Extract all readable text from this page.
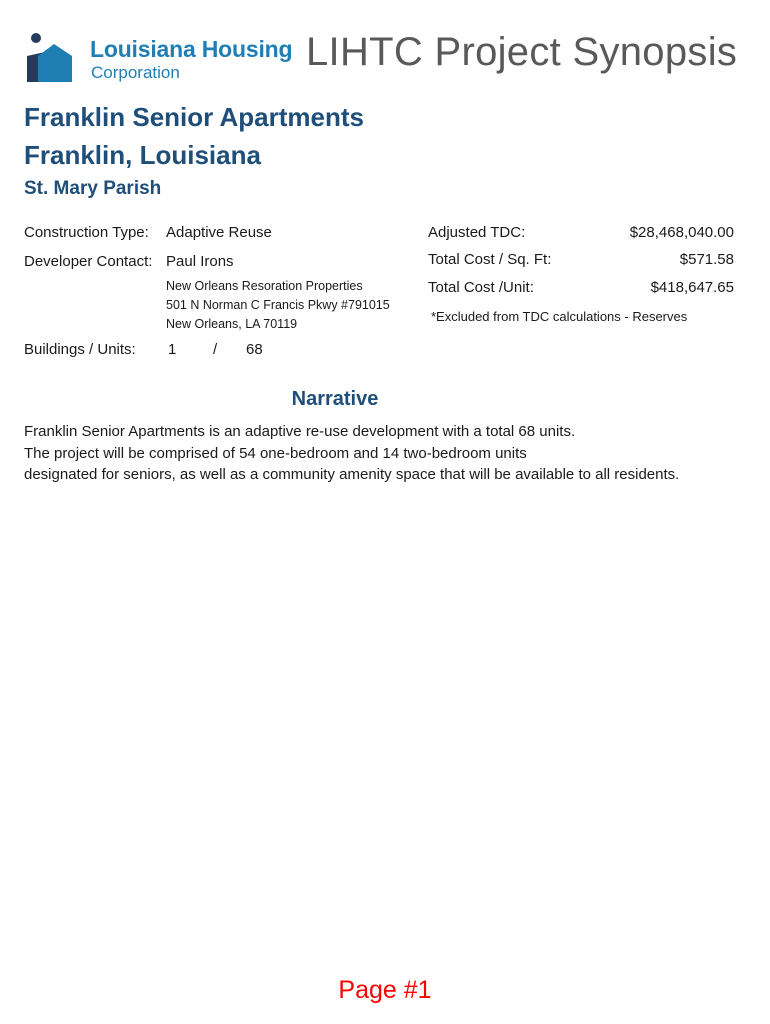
Louisiana Housing
Corporation	LIHTC Project Synopsis
Franklin Senior Apartments
Franklin, Louisiana
St. Mary Parish
Construction Type: Adaptive Reuse
Developer Contact: Paul Irons
New Orleans Resoration Properties
501 N Norman C Francis Pkwy #791015
New Orleans, LA 70119
Buildings / Units: 1 / 68
Adjusted TDC:	$28,468,040.00
Total Cost / Sq. Ft:	$571.58
Total Cost /Unit:	$418,647.65
*Excluded from TDC calculations - Reserves
Narrative
Franklin Senior Apartments is an adaptive re-use development with a total 68 units.
The project will be comprised of 54 one-bedroom and 14 two-bedroom units
designated for seniors, as well as a community amenity space that will be available to all residents.
Page #1
